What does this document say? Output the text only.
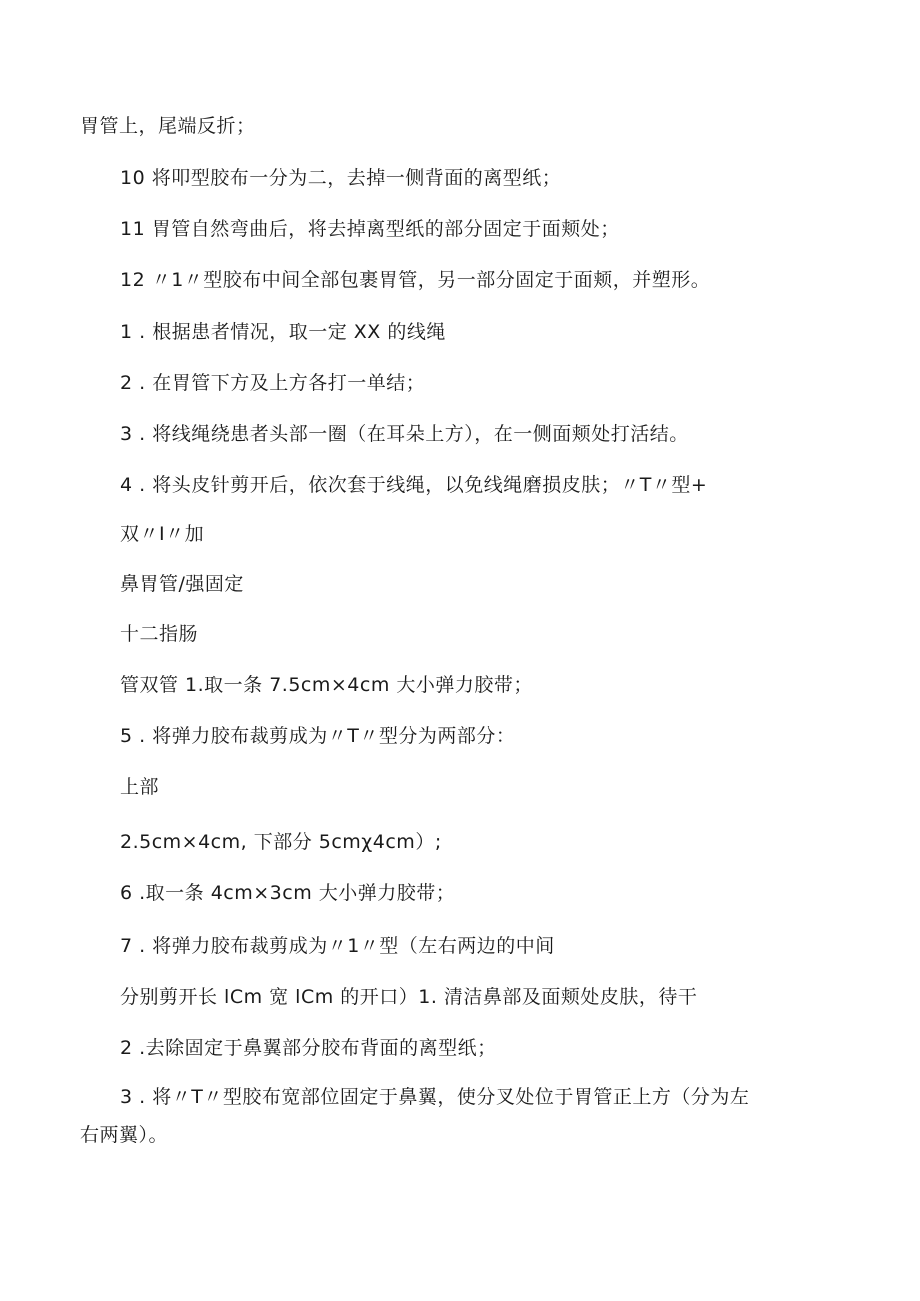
胃管上，尾端反折；
10 将叩型胶布一分为二，去掉一侧背面的离型纸；
11 胃管自然弯曲后，将去掉离型纸的部分固定于面颊处；
12 〃1〃型胶布中间全部包裹胃管，另一部分固定于面颊，并塑形。
1 . 根据患者情况，取一定 XX 的线绳
2 . 在胃管下方及上方各打一单结；
3 . 将线绳绕患者头部一圈（在耳朵上方），在一侧面颊处打活结。
4 . 将头皮针剪开后，依次套于线绳，以免线绳磨损皮肤；〃T〃型+
双〃I〃加
鼻胃管/强固定
十二指肠
管双管 1.取一条 7.5cm×4cm 大小弹力胶带；
5 . 将弹力胶布裁剪成为〃T〃型分为两部分：
上部
2.5cm×4cm, 下部分 5cmχ4cm）;
6 .取一条 4cm×3cm 大小弹力胶带；
7 . 将弹力胶布裁剪成为〃1〃型（左右两边的中间
分别剪开长 lCm 宽 lCm 的开口）1. 清洁鼻部及面颊处皮肤，待干
2 .去除固定于鼻翼部分胶布背面的离型纸；
3 . 将〃T〃型胶布宽部位固定于鼻翼，使分叉处位于胃管正上方（分为左
右两翼）。
